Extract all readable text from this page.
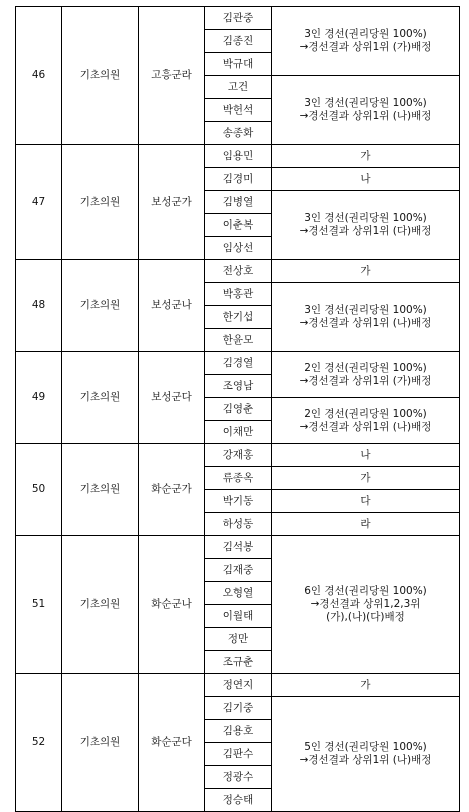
46	기초의원	고흥군라	김관중	3인 경선(권리당원 100%)
→경선결과 상위1위 (가)배정

			김종진	
			박규대	
			고건	3인 경선(권리당원 100%)
→경선결과 상위1위 (나)배정

			박헌석	
			송종화	
47	기초의원	보성군가	임용민	가

			김경미	나

			김병열	3인 경선(권리당원 100%)
→경선결과 상위1위 (다)배정

			이춘복	
			임상선	
48	기초의원	보성군나	전상호	가

			박홍관	3인 경선(권리당원 100%)
→경선결과 상위1위 (나)배정

			한기섭	
			한윤모	
49	기초의원	보성군다	김경열	2인 경선(권리당원 100%)
→경선결과 상위1위 (가)배정

			조영남	
			김영춘	2인 경선(권리당원 100%)
→경선결과 상위1위 (나)배정

			이채만	
50	기초의원	화순군가	강재홍	나

			류종옥	가

			박기동	다

			하성동	라

51	기초의원	화순군나	김석봉	6인 경선(권리당원 100%)
→경선결과 상위1,2,3위
(가),(나)(다)배정

			김재중	
			오형열	
			이월태	
			정만	
			조규춘	
52	기초의원	화순군다	정연지	가

			김기중	5인 경선(권리당원 100%)
→경선결과 상위1위 (나)배정

			김용호	
			김판수	
			정광수	
			정승태	
